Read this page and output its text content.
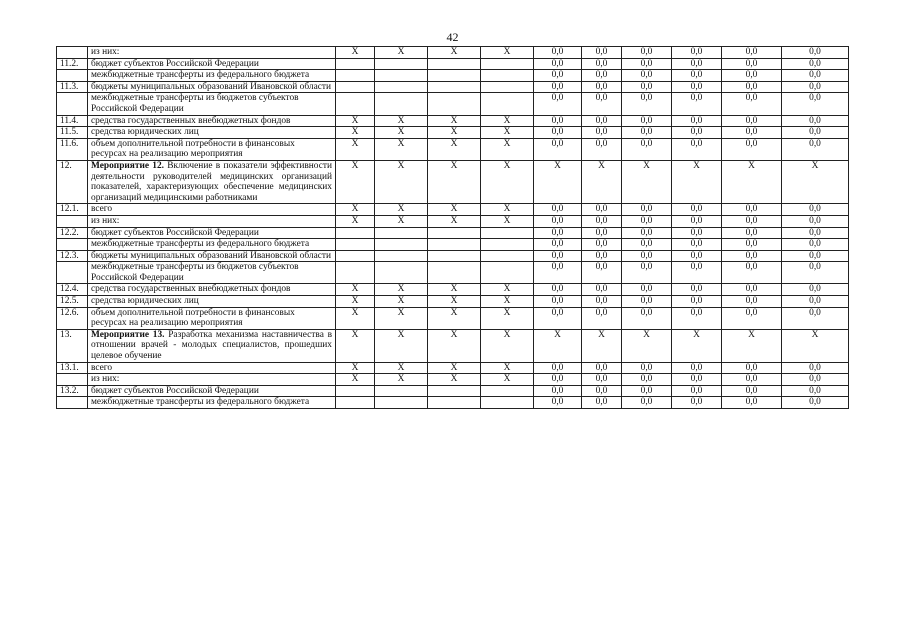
42
	из них:	X	X	X	X	0,0	0,0	0,0	0,0	0,0	0,0
11.2.	бюджет субъектов Российской Федерации					0,0	0,0	0,0	0,0	0,0	0,0
	межбюджетные трансферты из федерального бюджета					0,0	0,0	0,0	0,0	0,0	0,0
11.3.	бюджеты муниципальных образований Ивановской области					0,0	0,0	0,0	0,0	0,0	0,0
	межбюджетные трансферты из бюджетов субъектов Российской Федерации					0,0	0,0	0,0	0,0	0,0	0,0
11.4.	средства государственных внебюджетных фондов	X	X	X	X	0,0	0,0	0,0	0,0	0,0	0,0
11.5.	средства юридических лиц	X	X	X	X	0,0	0,0	0,0	0,0	0,0	0,0
11.6.	объем дополнительной потребности в финансовых ресурсах на реализацию мероприятия	X	X	X	X	0,0	0,0	0,0	0,0	0,0	0,0
12.	Мероприятие 12. Включение в показатели эффективности деятельности руководителей медицинских организаций показателей, характеризующих обеспечение медицинских организаций медицинскими работниками	X	X	X	X	X	X	X	X	X	X
12.1.	всего	X	X	X	X	0,0	0,0	0,0	0,0	0,0	0,0
	из них:	X	X	X	X	0,0	0,0	0,0	0,0	0,0	0,0
12.2.	бюджет субъектов Российской Федерации					0,0	0,0	0,0	0,0	0,0	0,0
	межбюджетные трансферты из федерального бюджета					0,0	0,0	0,0	0,0	0,0	0,0
12.3.	бюджеты муниципальных образований Ивановской области					0,0	0,0	0,0	0,0	0,0	0,0
	межбюджетные трансферты из бюджетов субъектов Российской Федерации					0,0	0,0	0,0	0,0	0,0	0,0
12.4.	средства государственных внебюджетных фондов	X	X	X	X	0,0	0,0	0,0	0,0	0,0	0,0
12.5.	средства юридических лиц	X	X	X	X	0,0	0,0	0,0	0,0	0,0	0,0
12.6.	объем дополнительной потребности в финансовых ресурсах на реализацию мероприятия	X	X	X	X	0,0	0,0	0,0	0,0	0,0	0,0
13.	Мероприятие 13. Разработка механизма наставничества в отношении врачей - молодых специалистов, прошедших целевое обучение	X	X	X	X	X	X	X	X	X	X
13.1.	всего	X	X	X	X	0,0	0,0	0,0	0,0	0,0	0,0
	из них:	X	X	X	X	0,0	0,0	0,0	0,0	0,0	0,0
13.2.	бюджет субъектов Российской Федерации					0,0	0,0	0,0	0,0	0,0	0,0
	межбюджетные трансферты из федерального бюджета					0,0	0,0	0,0	0,0	0,0	0,0
